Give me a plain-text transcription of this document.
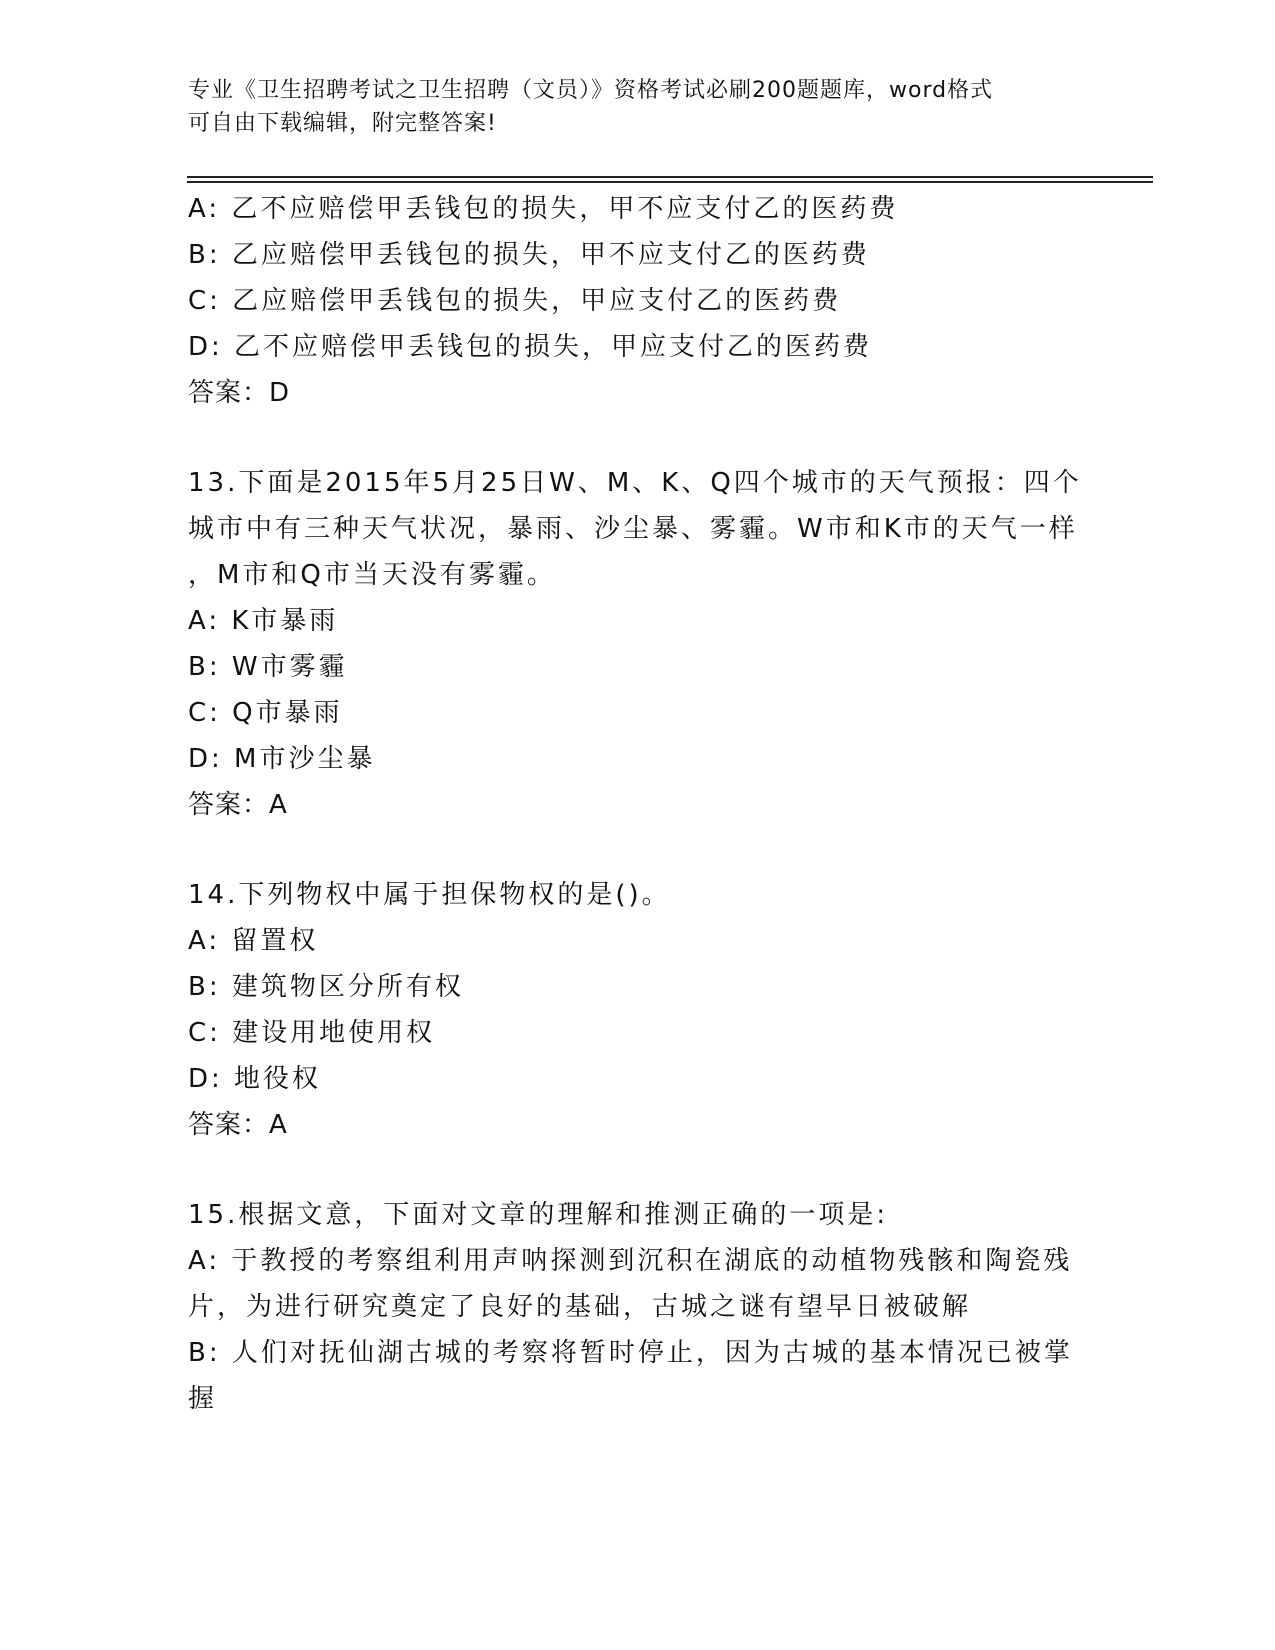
专业《卫生招聘考试之卫生招聘（文员）》资格考试必刷200题题库，word格式
可自由下载编辑，附完整答案!
A: 乙不应赔偿甲丢钱包的损失，甲不应支付乙的医药费
B: 乙应赔偿甲丢钱包的损失，甲不应支付乙的医药费
C: 乙应赔偿甲丢钱包的损失，甲应支付乙的医药费
D: 乙不应赔偿甲丢钱包的损失，甲应支付乙的医药费
答案：D
13.下面是2015年5月25日W、M、K、Q四个城市的天气预报：四个
城市中有三种天气状况，暴雨、沙尘暴、雾霾。W市和K市的天气一样
，M市和Q市当天没有雾霾。
A: K市暴雨
B: W市雾霾
C: Q市暴雨
D: M市沙尘暴
答案：A
14.下列物权中属于担保物权的是()。
A: 留置权
B: 建筑物区分所有权
C: 建设用地使用权
D: 地役权
答案：A
15.根据文意，下面对文章的理解和推测正确的一项是:
A: 于教授的考察组利用声呐探测到沉积在湖底的动植物残骸和陶瓷残
片，为进行研究奠定了良好的基础，古城之谜有望早日被破解
B: 人们对抚仙湖古城的考察将暂时停止，因为古城的基本情况已被掌
握
